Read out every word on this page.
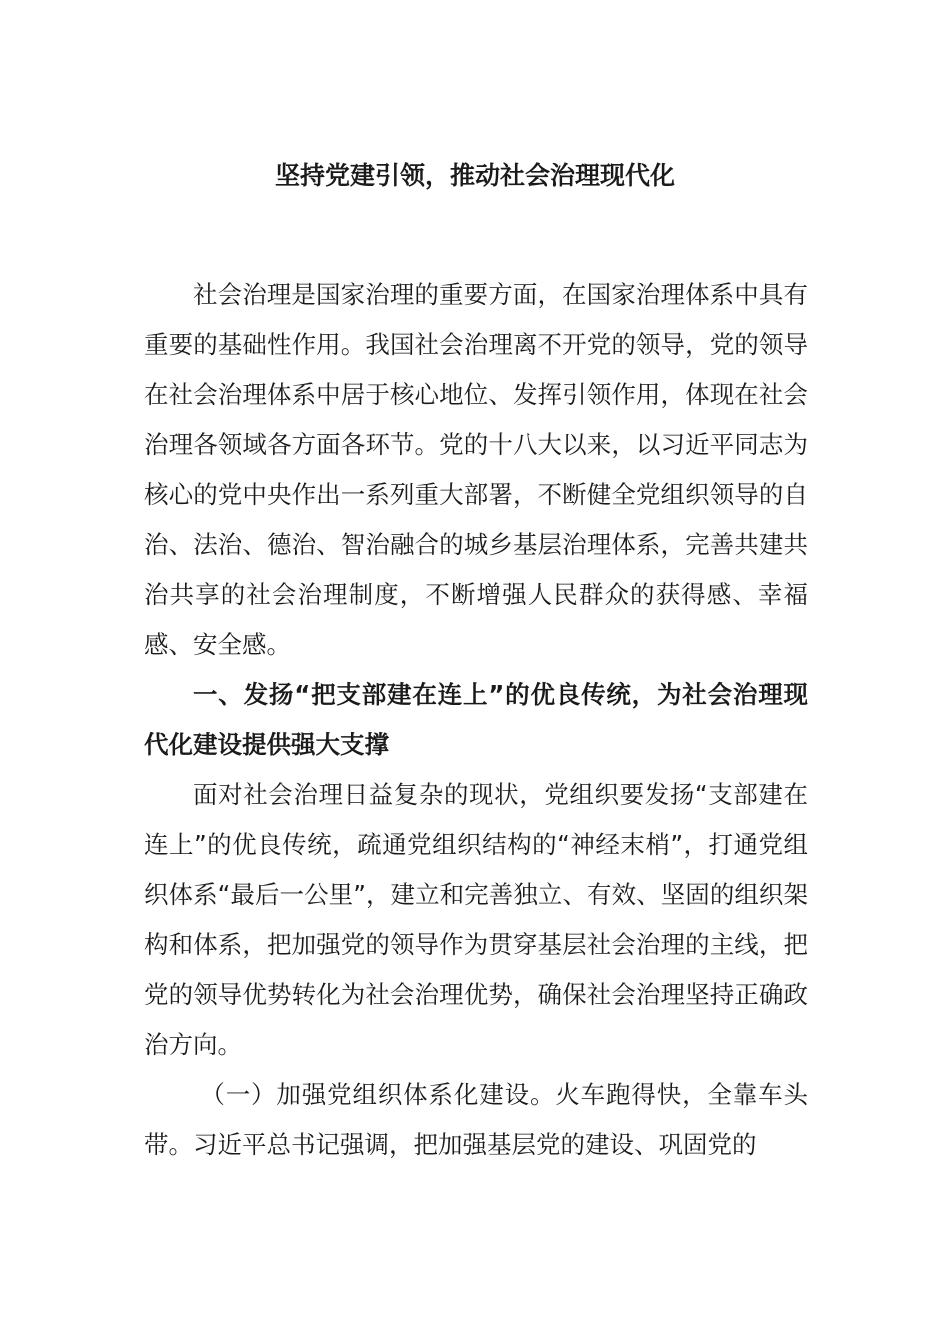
坚持党建引领，推动社会治理现代化

社会治理是国家治理的重要方面，在国家治理体系中具有重要的基础性作用。我国社会治理离不开党的领导，党的领导在社会治理体系中居于核心地位、发挥引领作用，体现在社会治理各领域各方面各环节。党的十八大以来，以习近平同志为核心的党中央作出一系列重大部署，不断健全党组织领导的自治、法治、德治、智治融合的城乡基层治理体系，完善共建共治共享的社会治理制度，不断增强人民群众的获得感、幸福感、安全感。

一、发扬“把支部建在连上”的优良传统，为社会治理现代化建设提供强大支撑

面对社会治理日益复杂的现状，党组织要发扬“支部建在连上”的优良传统，疏通党组织结构的“神经末梢”，打通党组织体系“最后一公里”，建立和完善独立、有效、坚固的组织架构和体系，把加强党的领导作为贯穿基层社会治理的主线，把党的领导优势转化为社会治理优势，确保社会治理坚持正确政治方向。

（一）加强党组织体系化建设。火车跑得快，全靠车头带。习近平总书记强调，把加强基层党的建设、巩固党的
